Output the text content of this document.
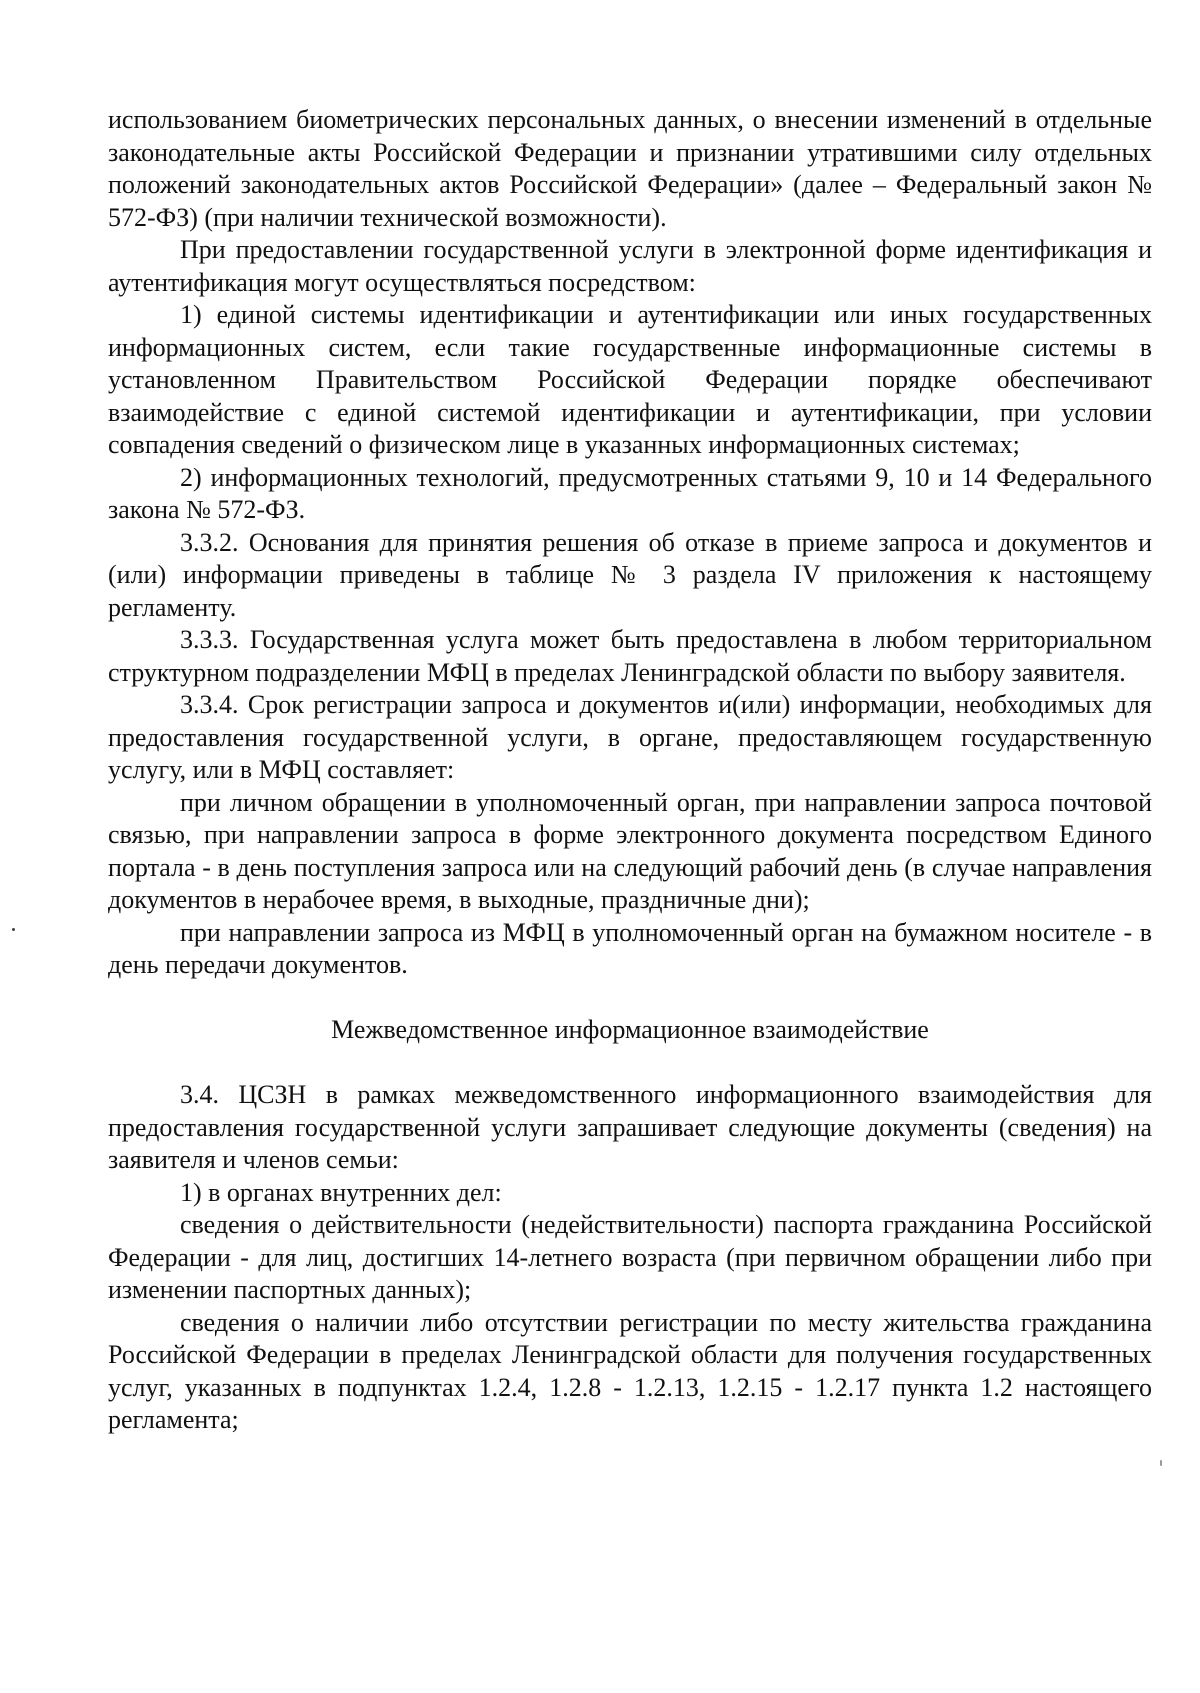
использованием биометрических персональных данных, о внесении изменений в отдельные законодательные акты Российской Федерации и признании утратившими силу отдельных положений законодательных актов Российской Федерации» (далее – Федеральный закон № 572-ФЗ) (при наличии технической возможности).

При предоставлении государственной услуги в электронной форме идентификация и аутентификация могут осуществляться посредством:

1) единой системы идентификации и аутентификации или иных государственных информационных систем, если такие государственные информационные системы в установленном Правительством Российской Федерации порядке обеспечивают взаимодействие с единой системой идентификации и аутентификации, при условии совпадения сведений о физическом лице в указанных информационных системах;

2) информационных технологий, предусмотренных статьями 9, 10 и 14 Федерального закона № 572-ФЗ.

3.3.2. Основания для принятия решения об отказе в приеме запроса и документов и (или) информации приведены в таблице № 3 раздела IV приложения к настоящему регламенту.

3.3.3. Государственная услуга может быть предоставлена в любом территориальном структурном подразделении МФЦ в пределах Ленинградской области по выбору заявителя.

3.3.4. Срок регистрации запроса и документов и(или) информации, необходимых для предоставления государственной услуги, в органе, предоставляющем государственную услугу, или в МФЦ составляет:

при личном обращении в уполномоченный орган, при направлении запроса почтовой связью, при направлении запроса в форме электронного документа посредством Единого портала - в день поступления запроса или на следующий рабочий день (в случае направления документов в нерабочее время, в выходные, праздничные дни);

при направлении запроса из МФЦ в уполномоченный орган на бумажном носителе - в день передачи документов.

Межведомственное информационное взаимодействие

3.4. ЦСЗН в рамках межведомственного информационного взаимодействия для предоставления государственной услуги запрашивает следующие документы (сведения) на заявителя и членов семьи:

1) в органах внутренних дел:

сведения о действительности (недействительности) паспорта гражданина Российской Федерации - для лиц, достигших 14-летнего возраста (при первичном обращении либо при изменении паспортных данных);

сведения о наличии либо отсутствии регистрации по месту жительства гражданина Российской Федерации в пределах Ленинградской области для получения государственных услуг, указанных в подпунктах 1.2.4, 1.2.8 - 1.2.13, 1.2.15 - 1.2.17 пункта 1.2 настоящего регламента;
